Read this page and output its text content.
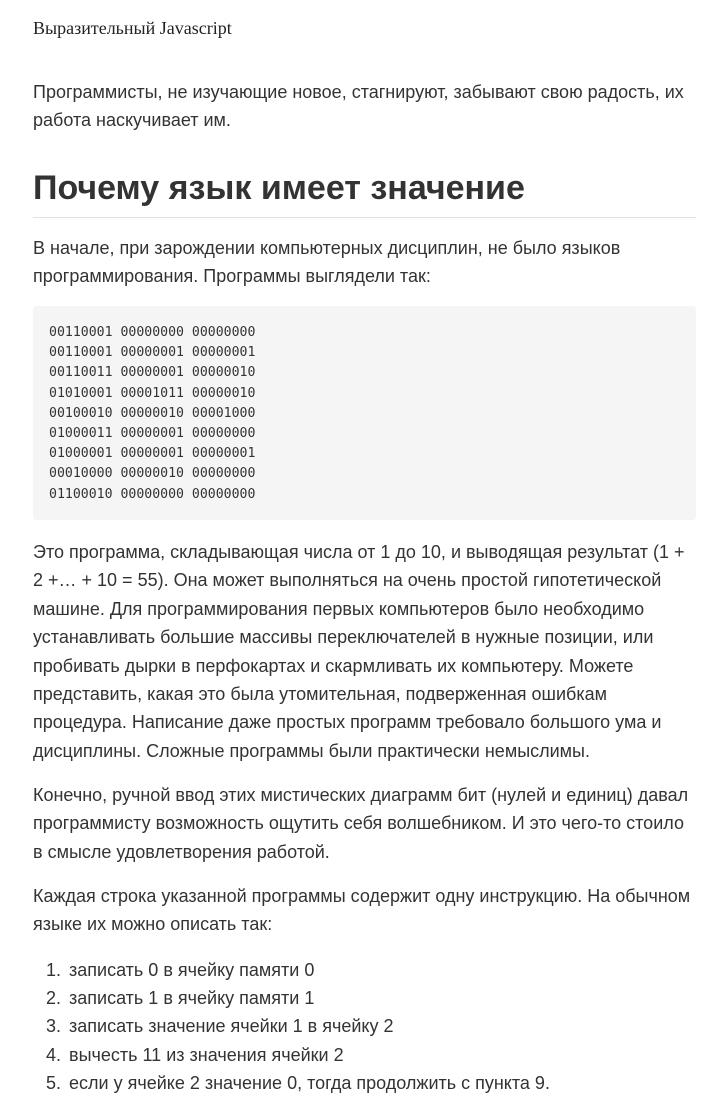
Выразительный Javascript

Программисты, не изучающие новое, стагнируют, забывают свою радость, их работа наскучивает им.

Почему язык имеет значение

В начале, при зарождении компьютерных дисциплин, не было языков программирования. Программы выглядели так:

00110001 00000000 00000000
00110001 00000001 00000001
00110011 00000001 00000010
01010001 00001011 00000010
00100010 00000010 00001000
01000011 00000001 00000000
01000001 00000001 00000001
00010000 00000010 00000000
01100010 00000000 00000000

Это программа, складывающая числа от 1 до 10, и выводящая результат (1 + 2 +… + 10 = 55). Она может выполняться на очень простой гипотетической машине. Для программирования первых компьютеров было необходимо устанавливать большие массивы переключателей в нужные позиции, или пробивать дырки в перфокартах и скармливать их компьютеру. Можете представить, какая это была утомительная, подверженная ошибкам процедура. Написание даже простых программ требовало большого ума и дисциплины. Сложные программы были практически немыслимы.

Конечно, ручной ввод этих мистических диаграмм бит (нулей и единиц) давал программисту возможность ощутить себя волшебником. И это чего-то стоило в смысле удовлетворения работой.

Каждая строка указанной программы содержит одну инструкцию. На обычном языке их можно описать так:

1. записать 0 в ячейку памяти 0
2. записать 1 в ячейку памяти 1
3. записать значение ячейки 1 в ячейку 2
4. вычесть 11 из значения ячейки 2
5. если у ячейке 2 значение 0, тогда продолжить с пункта 9.
